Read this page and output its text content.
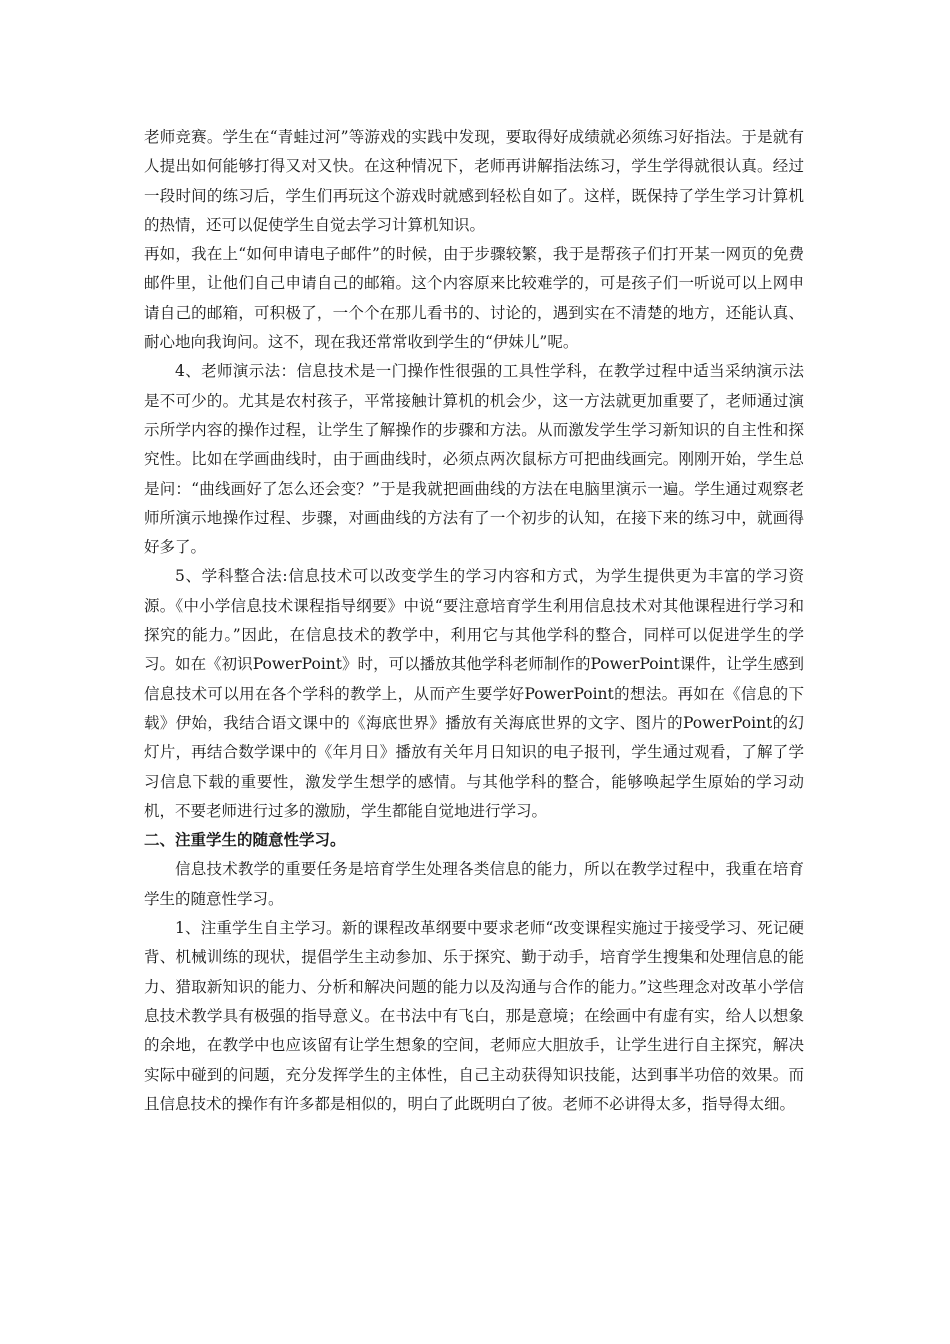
老师竞赛。学生在“青蛙过河”等游戏的实践中发现，要取得好成绩就必须练习好指法。于是就有人提出如何能够打得又对又快。在这种情况下，老师再讲解指法练习，学生学得就很认真。经过一段时间的练习后，学生们再玩这个游戏时就感到轻松自如了。这样，既保持了学生学习计算机的热情，还可以促使学生自觉去学习计算机知识。

再如，我在上“如何申请电子邮件”的时候，由于步骤较繁，我于是帮孩子们打开某一网页的免费邮件里，让他们自己申请自己的邮箱。这个内容原来比较难学的，可是孩子们一听说可以上网申请自己的邮箱，可积极了，一个个在那儿看书的、讨论的，遇到实在不清楚的地方，还能认真、耐心地向我询问。这不，现在我还常常收到学生的“伊妹儿”呢。

4、老师演示法：信息技术是一门操作性很强的工具性学科，在教学过程中适当采纳演示法是不可少的。尤其是农村孩子，平常接触计算机的机会少，这一方法就更加重要了，老师通过演示所学内容的操作过程，让学生了解操作的步骤和方法。从而激发学生学习新知识的自主性和探究性。比如在学画曲线时，由于画曲线时，必须点两次鼠标方可把曲线画完。刚刚开始，学生总是问：“曲线画好了怎么还会变？”于是我就把画曲线的方法在电脑里演示一遍。学生通过观察老师所演示地操作过程、步骤，对画曲线的方法有了一个初步的认知，在接下来的练习中，就画得好多了。

5、学科整合法:信息技术可以改变学生的学习内容和方式，为学生提供更为丰富的学习资源。《中小学信息技术课程指导纲要》中说“要注意培育学生利用信息技术对其他课程进行学习和探究的能力。”因此，在信息技术的教学中，利用它与其他学科的整合，同样可以促进学生的学习。如在《初识PowerPoint》时，可以播放其他学科老师制作的PowerPoint课件，让学生感到信息技术可以用在各个学科的教学上，从而产生要学好PowerPoint的想法。再如在《信息的下载》伊始，我结合语文课中的《海底世界》播放有关海底世界的文字、图片的PowerPoint的幻灯片，再结合数学课中的《年月日》播放有关年月日知识的电子报刊，学生通过观看，了解了学习信息下载的重要性，激发学生想学的感情。与其他学科的整合，能够唤起学生原始的学习动机，不要老师进行过多的激励，学生都能自觉地进行学习。

二、注重学生的随意性学习。

信息技术教学的重要任务是培育学生处理各类信息的能力，所以在教学过程中，我重在培育学生的随意性学习。

1、注重学生自主学习。新的课程改革纲要中要求老师“改变课程实施过于接受学习、死记硬背、机械训练的现状，提倡学生主动参加、乐于探究、勤于动手，培育学生搜集和处理信息的能力、猎取新知识的能力、分析和解决问题的能力以及沟通与合作的能力。”这些理念对改革小学信息技术教学具有极强的指导意义。在书法中有飞白，那是意境；在绘画中有虚有实，给人以想象的余地，在教学中也应该留有让学生想象的空间，老师应大胆放手，让学生进行自主探究，解决实际中碰到的问题，充分发挥学生的主体性，自己主动获得知识技能，达到事半功倍的效果。而且信息技术的操作有许多都是相似的，明白了此既明白了彼。老师不必讲得太多，指导得太细。
